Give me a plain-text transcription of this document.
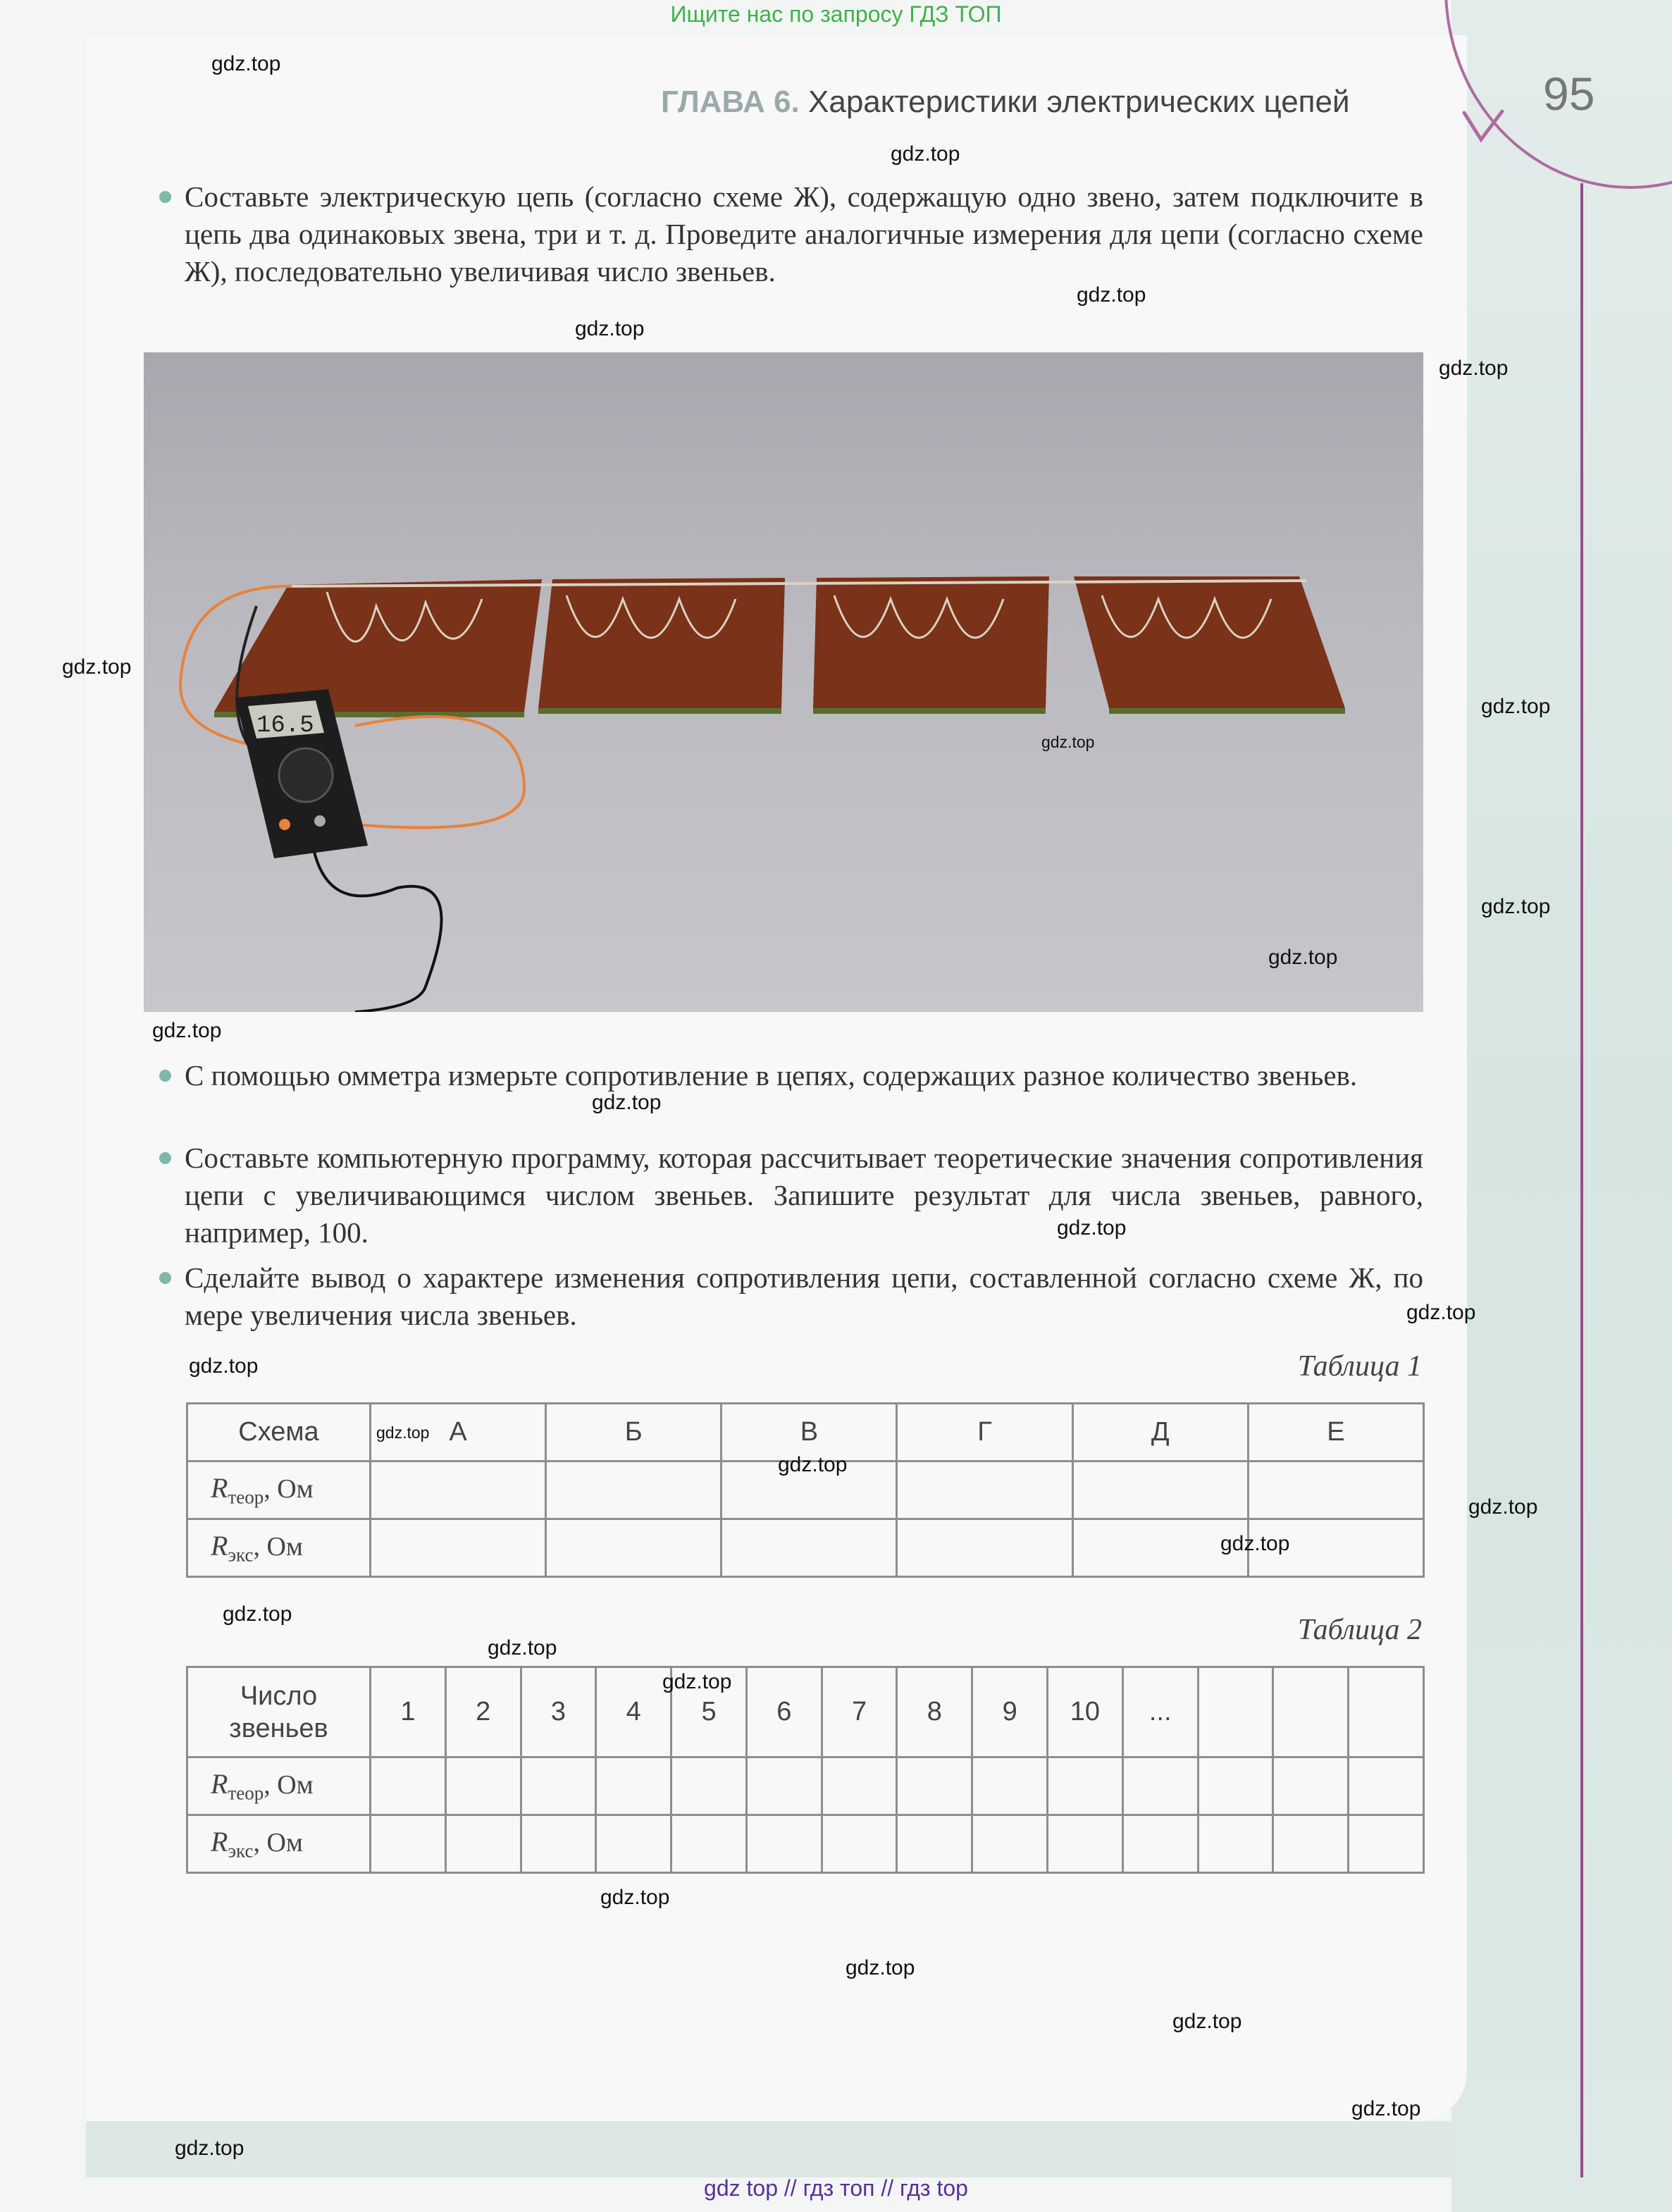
Ищите нас по запросу ГДЗ ТОП
ГЛАВА 6. Характеристики электрических цепей	95
Составьте электрическую цепь (согласно схеме Ж), содержащую одно звено, затем подключите в цепь два одинаковых звена, три и т. д. Проведите аналогичные измерения для цепи (согласно схеме Ж), последовательно увеличивая число звеньев.
16.5
С помощью омметра измерьте сопротивление в цепях, содержащих разное количество звеньев.
Составьте компьютерную программу, которая рассчитывает теоретические значения сопротивления цепи с увеличивающимся числом звеньев. Запишите результат для числа звеньев, равного, например, 100.
Сделайте вывод о характере изменения сопротивления цепи, составленной согласно схеме Ж, по мере увеличения числа звеньев.
Таблица 1
Схема	А	Б	В	Г	Д	Е
$R_{теор}$, Ом						
$R_{экс}$, Ом						
Таблица 2
Число
звеньев	1	2	3	4	5	6	7	8	9	10	...			
$R_{теор}$, Ом														
$R_{экс}$, Ом														
gdz.top
gdz.top
gdz.top
gdz.top
gdz.top
gdz.top
gdz.top
gdz.top
gdz.top
gdz.top
gdz.top
gdz.top
gdz.top
gdz.top
gdz.top
gdz.top
gdz.top
gdz.top
gdz.top
gdz.top
gdz.top
gdz.top
gdz.top
gdz.top
gdz.top
gdz.top
gdz.top
gdz top // гдз топ // гдз top
